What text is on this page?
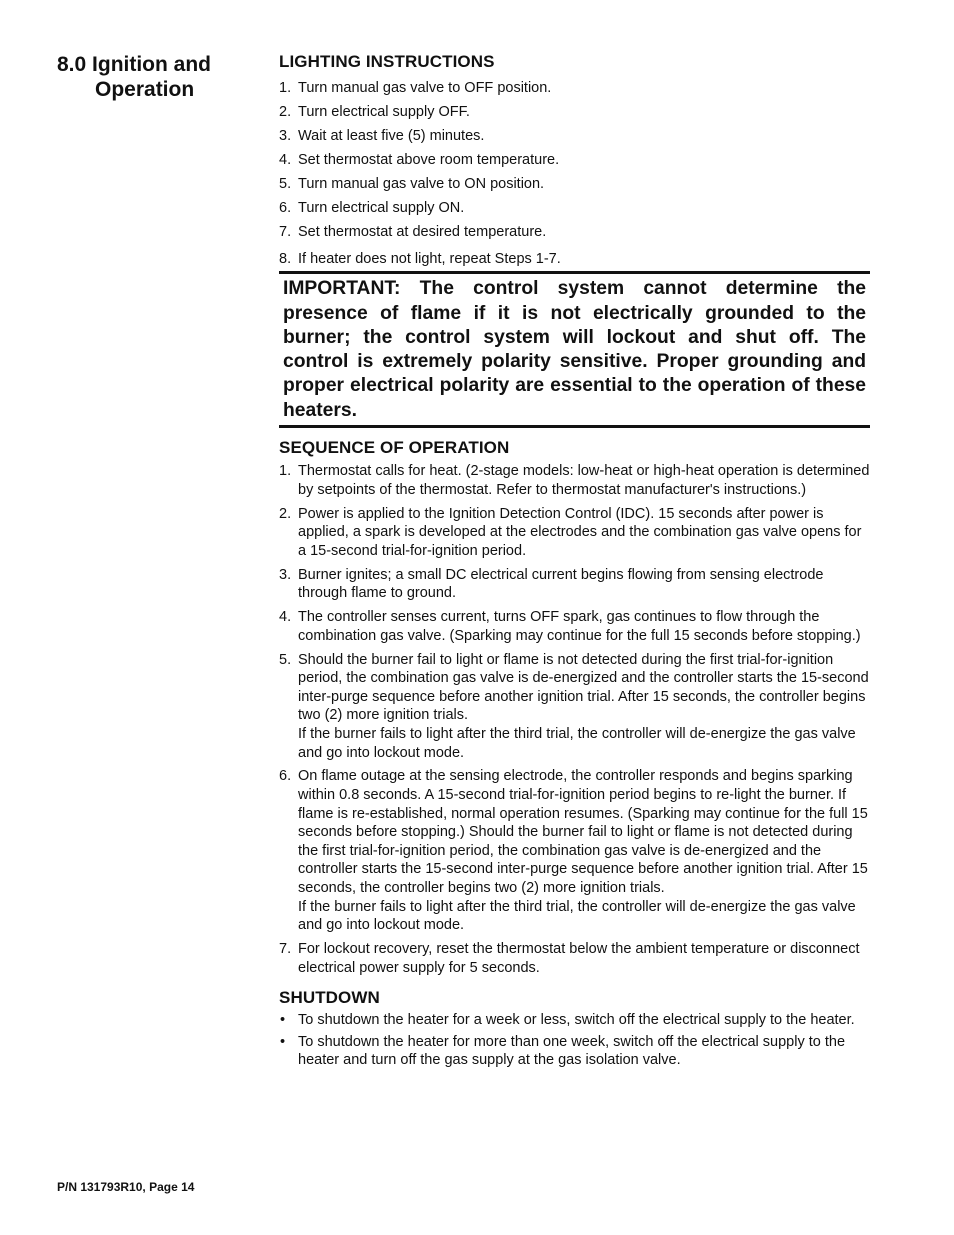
8.0 Ignition and
Operation
LIGHTING INSTRUCTIONS
1. Turn manual gas valve to OFF position.
2. Turn electrical supply OFF.
3. Wait at least five (5) minutes.
4. Set thermostat above room temperature.
5. Turn manual gas valve to ON position.
6. Turn electrical supply ON.
7. Set thermostat at desired temperature.
8. If heater does not light, repeat Steps 1-7.
IMPORTANT: The control system cannot determine the presence of flame if it is not electrically grounded to the burner; the control system will lockout and shut off. The control is extremely polarity sensitive. Proper grounding and proper electrical polarity are essential to the operation of these heaters.
SEQUENCE OF OPERATION
1. Thermostat calls for heat. (2-stage models: low-heat or high-heat operation is determined by setpoints of the thermostat. Refer to thermostat manufacturer's instructions.)
2. Power is applied to the Ignition Detection Control (IDC). 15 seconds after power is applied, a spark is developed at the electrodes and the combination gas valve opens for a 15-second trial-for-ignition period.
3. Burner ignites; a small DC electrical current begins flowing from sensing electrode through flame to ground.
4. The controller senses current, turns OFF spark, gas continues to flow through the combination gas valve. (Sparking may continue for the full 15 seconds before stopping.)
5. Should the burner fail to light or flame is not detected during the first trial-for-ignition period, the combination gas valve is de-energized and the controller starts the 15-second inter-purge sequence before another ignition trial. After 15 seconds, the controller begins two (2) more ignition trials.
If the burner fails to light after the third trial, the controller will de-energize the gas valve and go into lockout mode.
6. On flame outage at the sensing electrode, the controller responds and begins sparking within 0.8 seconds. A 15-second trial-for-ignition period begins to re-light the burner. If flame is re-established, normal operation resumes. (Sparking may continue for the full 15 seconds before stopping.) Should the burner fail to light or flame is not detected during the first trial-for-ignition period, the combination gas valve is de-energized and the controller starts the 15-second inter-purge sequence before another ignition trial. After 15 seconds, the controller begins two (2) more ignition trials.
If the burner fails to light after the third trial, the controller will de-energize the gas valve and go into lockout mode.
7. For lockout recovery, reset the thermostat below the ambient temperature or disconnect electrical power supply for 5 seconds.
SHUTDOWN
• To shutdown the heater for a week or less, switch off the electrical supply to the heater.
• To shutdown the heater for more than one week, switch off the electrical supply to the heater and turn off the gas supply at the gas isolation valve.
P/N 131793R10, Page 14
